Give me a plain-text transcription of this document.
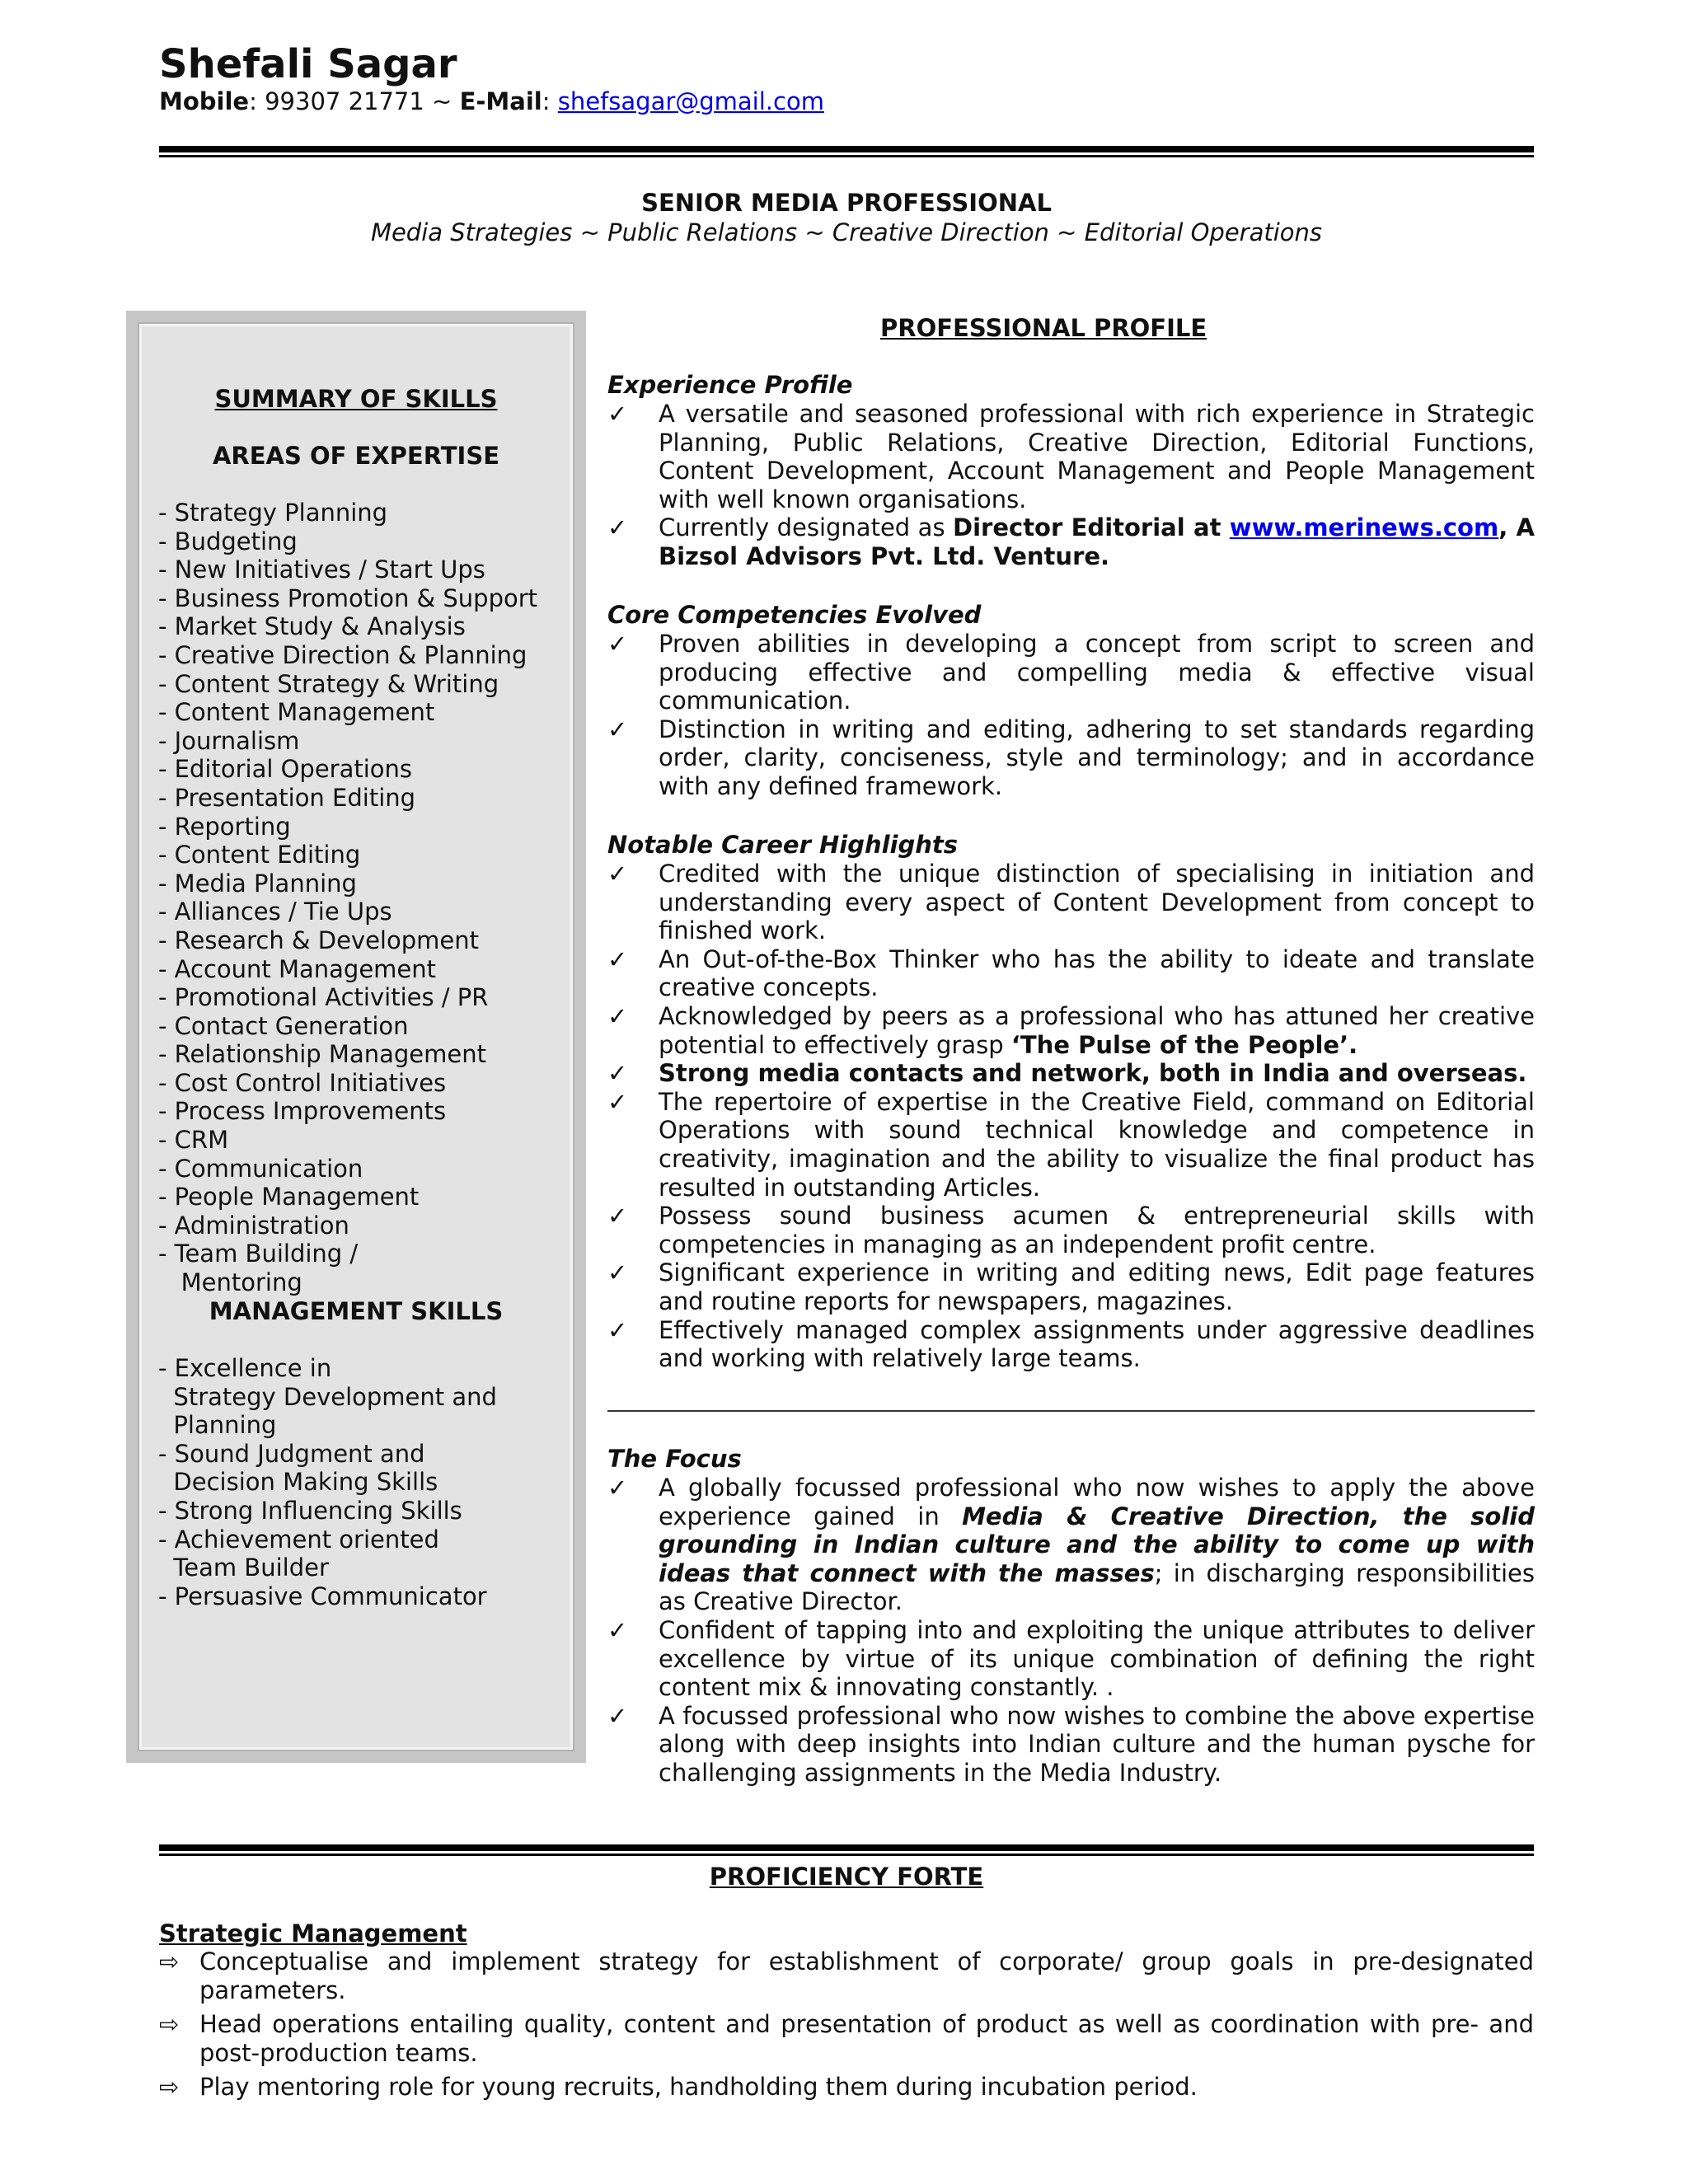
Shefali Sagar
Mobile: 99307 21771 ~ E-Mail: shefsagar@gmail.com
SENIOR MEDIA PROFESSIONAL
Media Strategies ~ Public Relations ~ Creative Direction ~ Editorial Operations
SUMMARY OF SKILLS
AREAS OF EXPERTISE
- Strategy Planning
- Budgeting
- New Initiatives / Start Ups
- Business Promotion & Support
- Market Study & Analysis
- Creative Direction & Planning
- Content Strategy & Writing
- Content Management
- Journalism
- Editorial Operations
- Presentation Editing
- Reporting
- Content Editing
- Media Planning
- Alliances / Tie Ups
- Research & Development
- Account Management
- Promotional Activities / PR
- Contact Generation
- Relationship Management
- Cost Control Initiatives
- Process Improvements
- CRM
- Communication
- People Management
- Administration
- Team Building /
Mentoring
MANAGEMENT SKILLS
- Excellence in
Strategy Development and
Planning
- Sound Judgment and
Decision Making Skills
- Strong Influencing Skills
- Achievement oriented
Team Builder
- Persuasive Communicator
PROFESSIONAL PROFILE
Experience Profile
✓	A versatile and seasoned professional with rich experience in Strategic Planning, Public Relations, Creative Direction, Editorial Functions, Content Development, Account Management and People Management with well known organisations.
✓	Currently designated as Director Editorial at www.merinews.com, A Bizsol Advisors Pvt. Ltd. Venture.
Core Competencies Evolved
✓	Proven abilities in developing a concept from script to screen and producing effective and compelling media & effective visual communication.
✓	Distinction in writing and editing, adhering to set standards regarding order, clarity, conciseness, style and terminology; and in accordance with any defined framework.
Notable Career Highlights
✓	Credited with the unique distinction of specialising in initiation and understanding every aspect of Content Development from concept to finished work.
✓	An Out-of-the-Box Thinker who has the ability to ideate and translate creative concepts.
✓	Acknowledged by peers as a professional who has attuned her creative potential to effectively grasp ‘The Pulse of the People’.
✓	Strong media contacts and network, both in India and overseas.
✓	The repertoire of expertise in the Creative Field, command on Editorial Operations with sound technical knowledge and competence in creativity, imagination and the ability to visualize the final product has resulted in outstanding Articles.
✓	Possess sound business acumen & entrepreneurial skills with competencies in managing as an independent profit centre.
✓	Significant experience in writing and editing news, Edit page features and routine reports for newspapers, magazines.
✓	Effectively managed complex assignments under aggressive deadlines and working with relatively large teams.
The Focus
✓	A globally focussed professional who now wishes to apply the above experience gained in Media & Creative Direction, the solid grounding in Indian culture and the ability to come up with ideas that connect with the masses; in discharging responsibilities as Creative Director.
✓	Confident of tapping into and exploiting the unique attributes to deliver excellence by virtue of its unique combination of defining the right content mix & innovating constantly. .
✓	A focussed professional who now wishes to combine the above expertise along with deep insights into Indian culture and the human pysche for challenging assignments in the Media Industry.
PROFICIENCY FORTE
Strategic Management
⇨ Conceptualise and implement strategy for establishment of corporate/ group goals in pre-designated parameters.
⇨ Head operations entailing quality, content and presentation of product as well as coordination with pre- and post-production teams.
⇨ Play mentoring role for young recruits, handholding them during incubation period.
